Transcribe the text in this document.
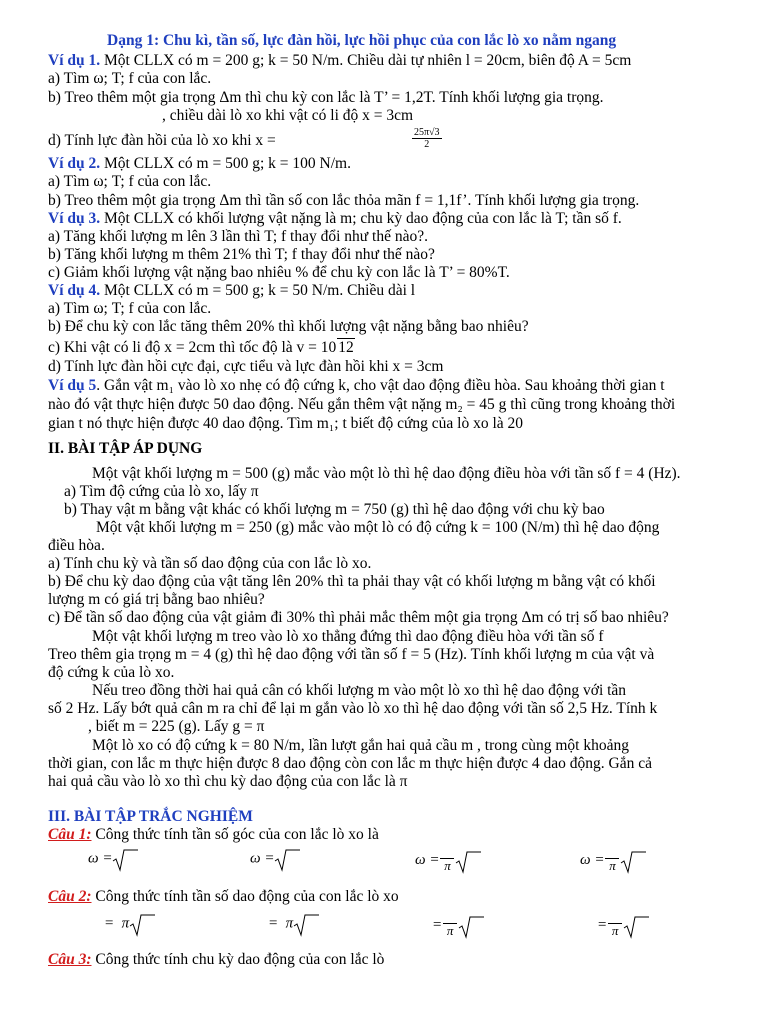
Dạng 1: Chu kì, tần số, lực đàn hồi, lực hồi phục của con lắc lò xo nằm ngang
Ví dụ 1. Một CLLX có m = 200 g; k = 50 N/m. Chiều dài tự nhiên l = 20cm, biên độ A = 5cm
a) Tìm ω; T; f của con lắc.
b) Treo thêm một gia trọng Δm thì chu kỳ con lắc là T’ = 1,2T. Tính khối lượng gia trọng.
, chiều dài lò xo khi vật có li độ x = 3cm
d) Tính lực đàn hồi của lò xo khi x =	$\frac{25\pi√3}{2}$
Ví dụ 2. Một CLLX có m = 500 g; k = 100 N/m.
a) Tìm ω; T; f của con lắc.
b) Treo thêm một gia trọng Δm thì tần số con lắc thỏa mãn f = 1,1f’. Tính khối lượng gia trọng.
Ví dụ 3. Một CLLX có khối lượng vật nặng là m; chu kỳ dao động của con lắc là T; tần số f.
a) Tăng khối lượng m lên 3 lần thì T; f thay đổi như thế nào?.
b) Tăng khối lượng m thêm 21% thì T; f thay đổi như thế nào?
c) Giảm khối lượng vật nặng bao nhiêu % để chu kỳ con lắc là T’ = 80%T.
Ví dụ 4. Một CLLX có m = 500 g; k = 50 N/m. Chiều dài l
a) Tìm ω; T; f của con lắc.
b) Để chu kỳ con lắc tăng thêm 20% thì khối lượng vật nặng bằng bao nhiêu?
c) Khi vật có li độ x = 2cm thì tốc độ là v = 10 12
d) Tính lực đàn hồi cực đại, cực tiểu và lực đàn hồi khi x = 3cm
Ví dụ 5. Gắn vật m₁ vào lò xo nhẹ có độ cứng k, cho vật dao động điều hòa. Sau khoảng thời gian t
nào đó vật thực hiện được 50 dao động. Nếu gắn thêm vật nặng m₂ = 45 g thì cũng trong khoảng thời
gian t nó thực hiện được 40 dao động. Tìm m₁; t biết độ cứng của lò xo là 20
II. BÀI TẬP ÁP DỤNG
Một vật khối lượng m = 500 (g) mắc vào một lò thì hệ dao động điều hòa với tần số f = 4 (Hz).
a) Tìm độ cứng của lò xo, lấy π
b) Thay vật m bằng vật khác có khối lượng m = 750 (g) thì hệ dao động với chu kỳ bao
Một vật khối lượng m = 250 (g) mắc vào một lò có độ cứng k = 100 (N/m) thì hệ dao động
điều hòa.
a) Tính chu kỳ và tần số dao động của con lắc lò xo.
b) Để chu kỳ dao động của vật tăng lên 20% thì ta phải thay vật có khối lượng m bằng vật có khối
lượng m có giá trị bằng bao nhiêu?
c) Để tần số dao động của vật giảm đi 30% thì phải mắc thêm một gia trọng Δm có trị số bao nhiêu?
Một vật khối lượng m treo vào lò xo thẳng đứng thì dao động điều hòa với tần số f
Treo thêm gia trọng m = 4 (g) thì hệ dao động với tần số f = 5 (Hz). Tính khối lượng m của vật và
độ cứng k của lò xo.
Nếu treo đồng thời hai quả cân có khối lượng m vào một lò xo thì hệ dao động với tần
số 2 Hz. Lấy bớt quả cân m ra chỉ để lại m gắn vào lò xo thì hệ dao động với tần số 2,5 Hz. Tính k
, biết m = 225 (g). Lấy g = π
Một lò xo có độ cứng k = 80 N/m, lần lượt gắn hai quả cầu m , trong cùng một khoảng
thời gian, con lắc m thực hiện được 8 dao động còn con lắc m thực hiện được 4 dao động. Gắn cả
hai quả cầu vào lò xo thì chu kỳ dao động của con lắc là π
III. BÀI TẬP TRẮC NGHIỆM
Câu 1: Công thức tính tần số góc của con lắc lò xo là
ω =	ω =	ω = π	ω = π
Câu 2: Công thức tính tần số dao động của con lắc lò xo
= π	= π	= π	= π
Câu 3: Công thức tính chu kỳ dao động của con lắc lò
